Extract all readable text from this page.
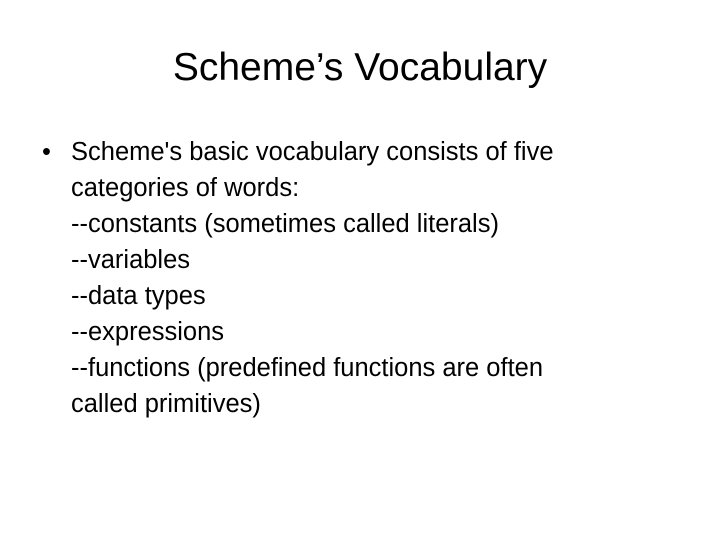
Scheme’s Vocabulary
• Scheme's basic vocabulary consists of five
categories of words:
--constants (sometimes called literals)
--variables
--data types
--expressions
--functions (predefined functions are often
called primitives)
